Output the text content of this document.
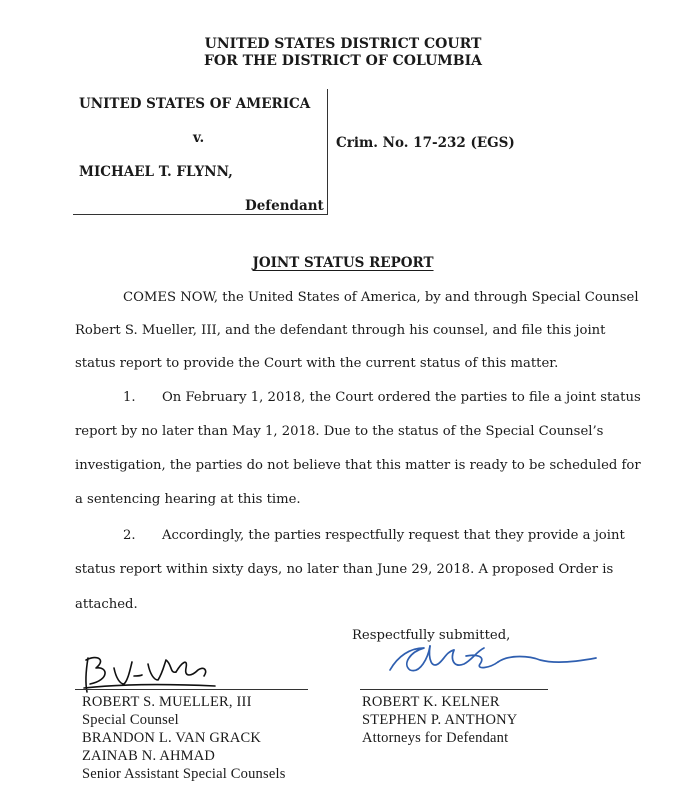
UNITED STATES DISTRICT COURT
FOR THE DISTRICT OF COLUMBIA
UNITED STATES OF AMERICA
v.
MICHAEL T. FLYNN,
Defendant
Crim. No. 17-232 (EGS)
JOINT STATUS REPORT
COMES NOW, the United States of America, by and through Special Counsel
Robert S. Mueller, III, and the defendant through his counsel, and file this joint
status report to provide the Court with the current status of this matter.
1. On February 1, 2018, the Court ordered the parties to file a joint status
report by no later than May 1, 2018. Due to the status of the Special Counsel’s
investigation, the parties do not believe that this matter is ready to be scheduled for
a sentencing hearing at this time.
2. Accordingly, the parties respectfully request that they provide a joint
status report within sixty days, no later than June 29, 2018. A proposed Order is
attached.
Respectfully submitted,
ROBERT S. MUELLER, III
Special Counsel
BRANDON L. VAN GRACK
ZAINAB N. AHMAD
Senior Assistant Special Counsels
ROBERT K. KELNER
STEPHEN P. ANTHONY
Attorneys for Defendant
